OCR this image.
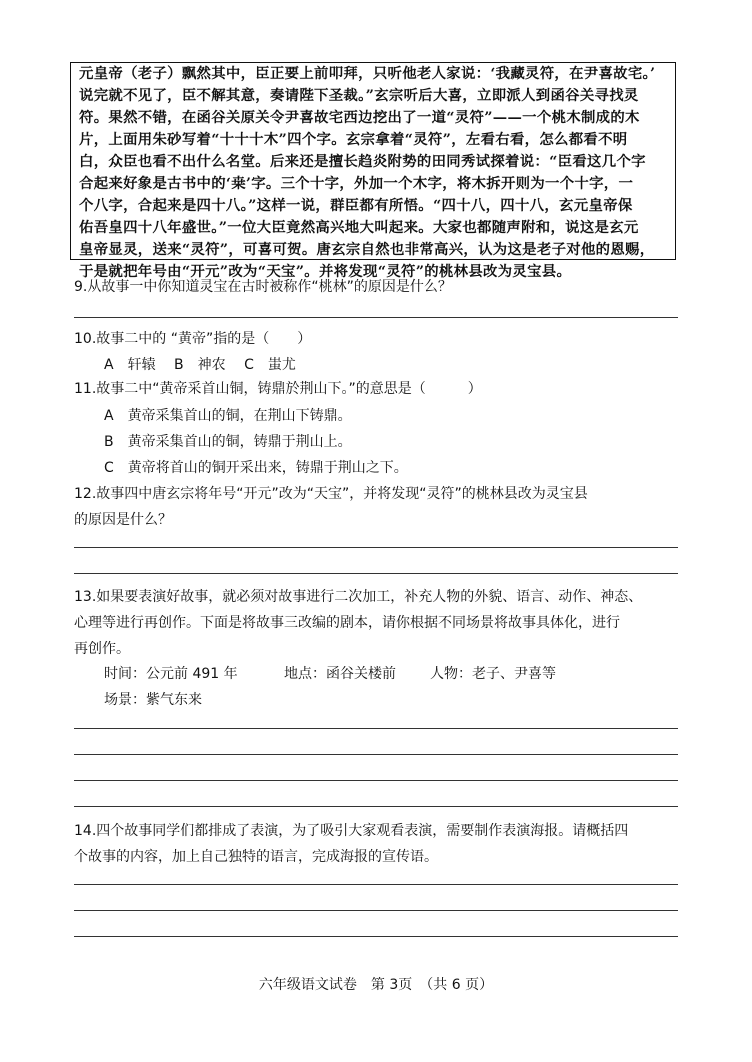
元皇帝（老子）飘然其中，臣正要上前叩拜，只听他老人家说：‘我藏灵符，在尹喜故宅。’
说完就不见了，臣不解其意，奏请陛下圣裁。”玄宗听后大喜，立即派人到函谷关寻找灵
符。果然不错，在函谷关原关令尹喜故宅西边挖出了一道“灵符”——一个桃木制成的木
片，上面用朱砂写着“十十十木”四个字。玄宗拿着“灵符”，左看右看，怎么都看不明
白，众臣也看不出什么名堂。后来还是擅长趋炎附势的田同秀试探着说：“臣看这几个字
合起来好象是古书中的‘桒’字。三个十字，外加一个木字，将木拆开则为一个十字，一
个八字，合起来是四十八。”这样一说，群臣都有所悟。“四十八，四十八，玄元皇帝保
佑吾皇四十八年盛世。”一位大臣竟然高兴地大叫起来。大家也都随声附和，说这是玄元
皇帝显灵，送来“灵符”，可喜可贺。唐玄宗自然也非常高兴，认为这是老子对他的恩赐，
于是就把年号由“开元”改为“天宝”。并将发现“灵符”的桃林县改为灵宝县。
9.从故事一中你知道灵宝在古时被称作“桃林”的原因是什么？
10.故事二中的 “黄帝”指的是（　　）
A　轩辕 B　神农 C　蚩尤
11.故事二中“黄帝采首山铜，铸鼎於荆山下。”的意思是（　　　）
A　黄帝采集首山的铜，在荆山下铸鼎。
B　黄帝采集首山的铜，铸鼎于荆山上。
C　黄帝将首山的铜开采出来，铸鼎于荆山之下。
12.故事四中唐玄宗将年号“开元”改为“天宝”，并将发现“灵符”的桃林县改为灵宝县
的原因是什么？
13.如果要表演好故事，就必须对故事进行二次加工，补充人物的外貌、语言、动作、神态、
心理等进行再创作。下面是将故事三改编的剧本，请你根据不同场景将故事具体化，进行
再创作。
时间：公元前 491 年	地点：函谷关楼前 人物：老子、尹喜等
场景：紫气东来
14.四个故事同学们都排成了表演，为了吸引大家观看表演，需要制作表演海报。请概括四
个故事的内容，加上自己独特的语言，完成海报的宣传语。
六年级语文试卷　第 3页　（共 6 页）
